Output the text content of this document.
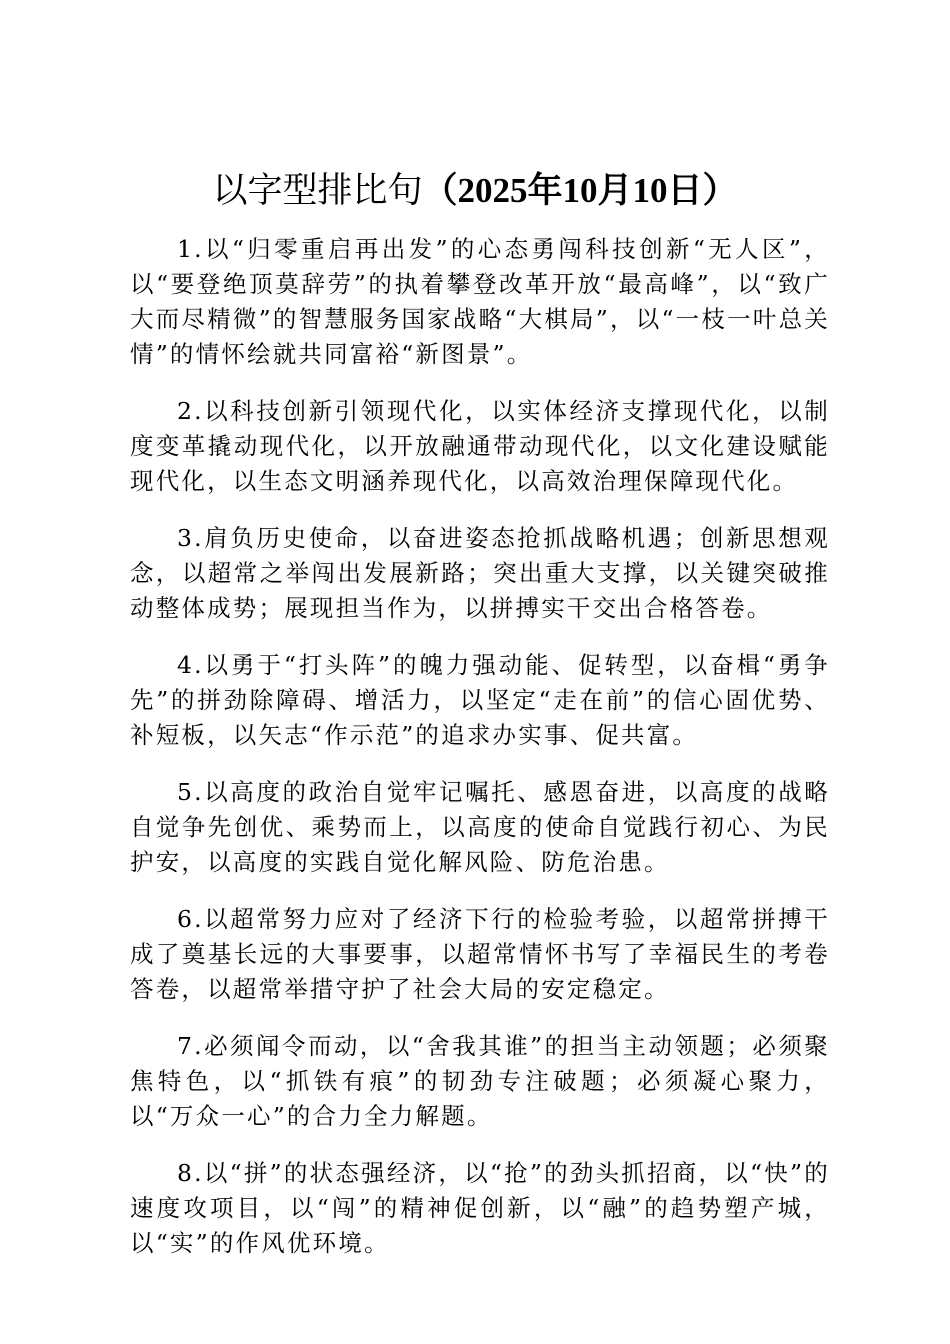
以字型排比句（2025年10月10日）

1.以“归零重启再出发”的心态勇闯科技创新“无人区”，以“要登绝顶莫辞劳”的执着攀登改革开放“最高峰”，以“致广大而尽精微”的智慧服务国家战略“大棋局”，以“一枝一叶总关情”的情怀绘就共同富裕“新图景”。

2.以科技创新引领现代化，以实体经济支撑现代化，以制度变革撬动现代化，以开放融通带动现代化，以文化建设赋能现代化，以生态文明涵养现代化，以高效治理保障现代化。

3.肩负历史使命，以奋进姿态抢抓战略机遇；创新思想观念，以超常之举闯出发展新路；突出重大支撑，以关键突破推动整体成势；展现担当作为，以拼搏实干交出合格答卷。

4.以勇于“打头阵”的魄力强动能、促转型，以奋楫“勇争先”的拼劲除障碍、增活力，以坚定“走在前”的信心固优势、补短板，以矢志“作示范”的追求办实事、促共富。

5.以高度的政治自觉牢记嘱托、感恩奋进，以高度的战略自觉争先创优、乘势而上，以高度的使命自觉践行初心、为民护安，以高度的实践自觉化解风险、防危治患。

6.以超常努力应对了经济下行的检验考验，以超常拼搏干成了奠基长远的大事要事，以超常情怀书写了幸福民生的考卷答卷，以超常举措守护了社会大局的安定稳定。

7.必须闻令而动，以“舍我其谁”的担当主动领题；必须聚焦特色，以“抓铁有痕”的韧劲专注破题；必须凝心聚力，以“万众一心”的合力全力解题。

8.以“拼”的状态强经济，以“抢”的劲头抓招商，以“快”的速度攻项目，以“闯”的精神促创新，以“融”的趋势塑产城，以“实”的作风优环境。
